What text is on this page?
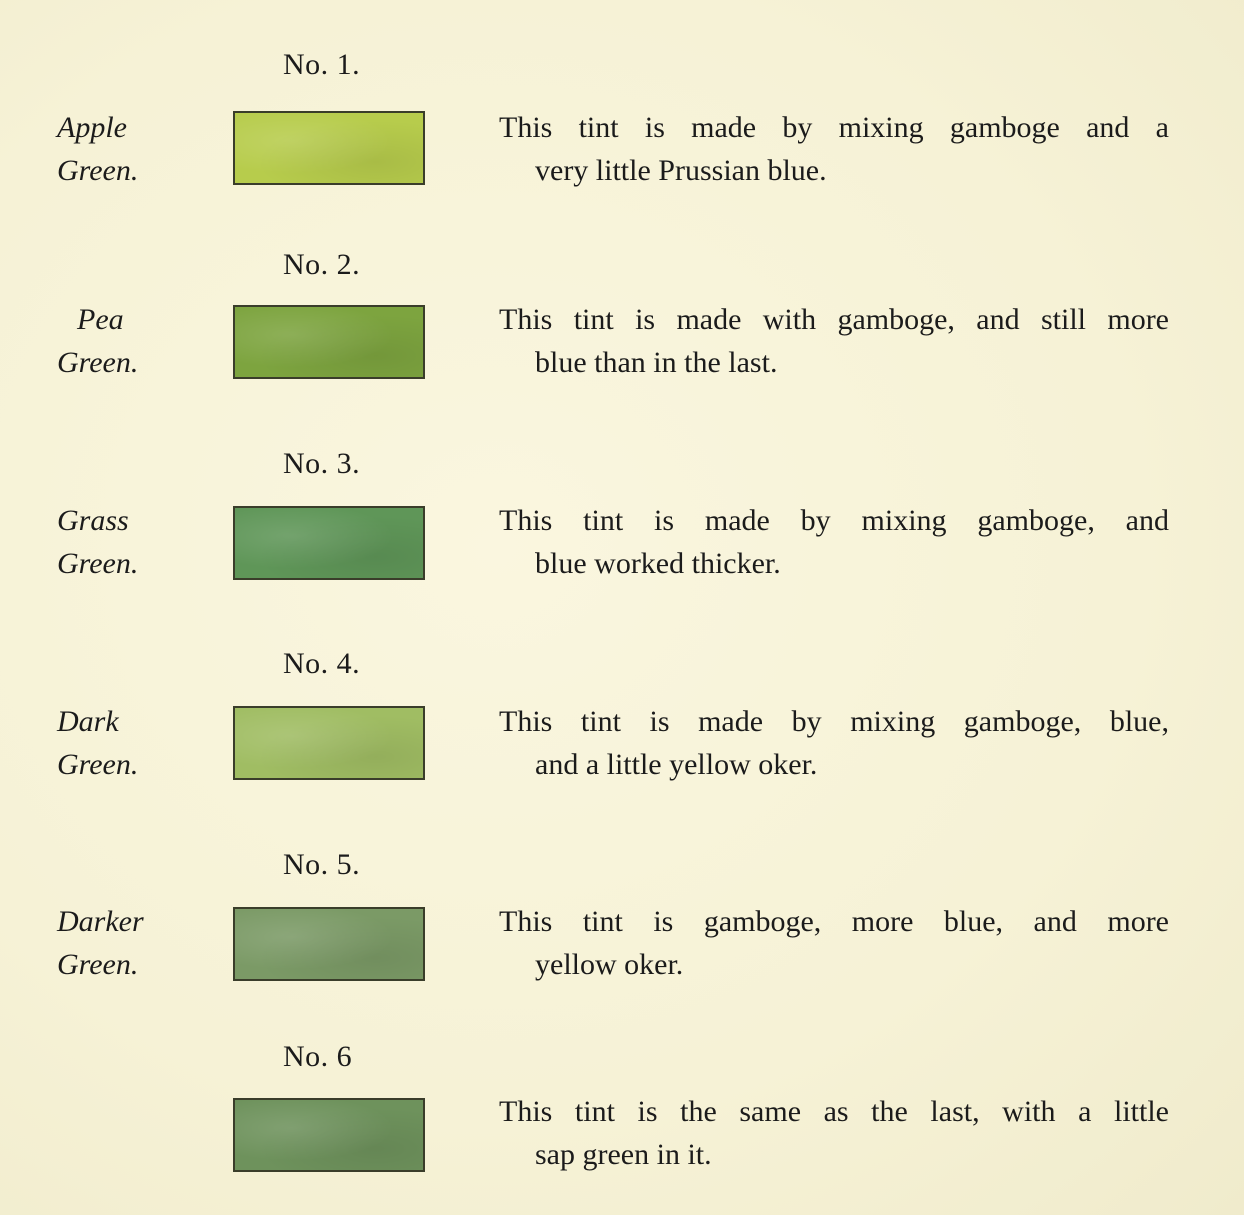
No. 1.
Apple
Green.
This tint is made by mixing gamboge and a
very little Prussian blue.
No. 2.
Pea
Green.
This tint is made with gamboge, and still more
blue than in the last.
No. 3.
Grass
Green.
This tint is made by mixing gamboge, and
blue worked thicker.
No. 4.
Dark
Green.
This tint is made by mixing gamboge, blue,
and a little yellow oker.
No. 5.
Darker
Green.
This tint is gamboge, more blue, and more
yellow oker.
No. 6
This tint is the same as the last, with a little
sap green in it.
